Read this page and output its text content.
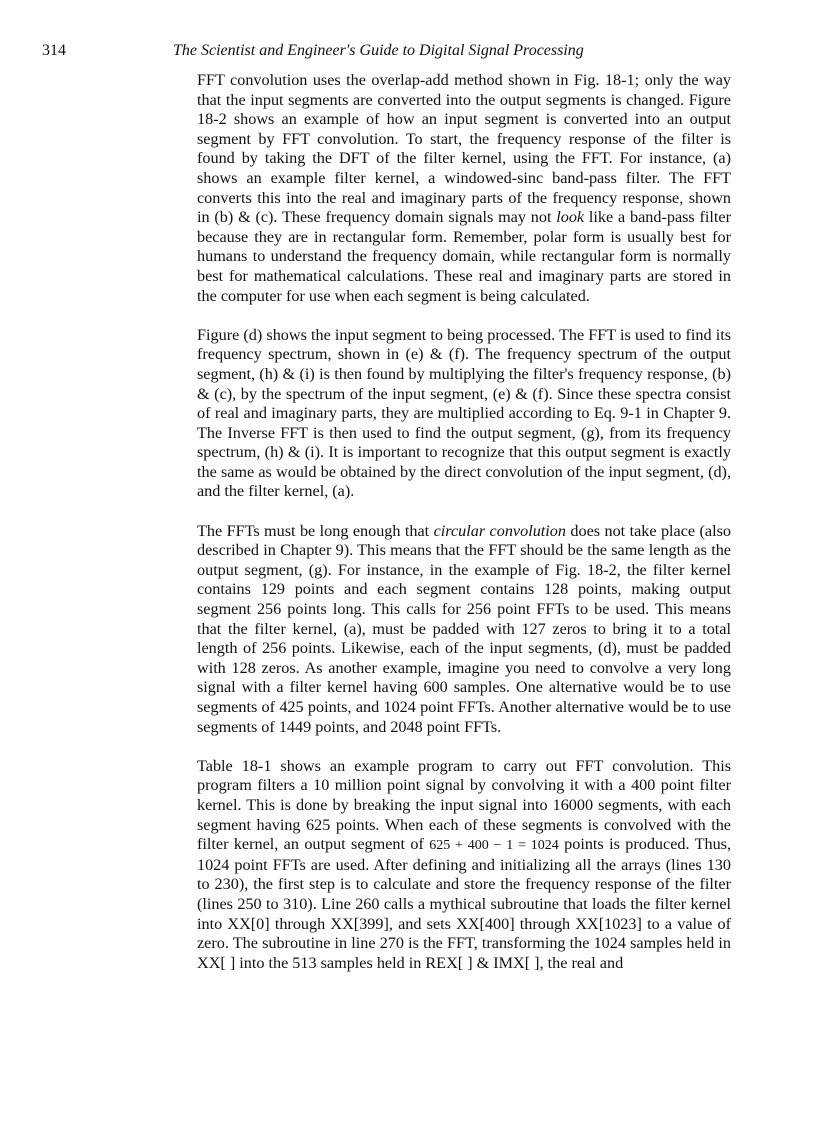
314	The Scientist and Engineer's Guide to Digital Signal Processing

FFT convolution uses the overlap-add method shown in Fig. 18-1; only the way that the input segments are converted into the output segments is changed. Figure 18-2 shows an example of how an input segment is converted into an output segment by FFT convolution. To start, the frequency response of the filter is found by taking the DFT of the filter kernel, using the FFT. For instance, (a) shows an example filter kernel, a windowed-sinc band-pass filter. The FFT converts this into the real and imaginary parts of the frequency response, shown in (b) & (c). These frequency domain signals may not look like a band-pass filter because they are in rectangular form. Remember, polar form is usually best for humans to understand the frequency domain, while rectangular form is normally best for mathematical calculations. These real and imaginary parts are stored in the computer for use when each segment is being calculated.

Figure (d) shows the input segment to being processed. The FFT is used to find its frequency spectrum, shown in (e) & (f). The frequency spectrum of the output segment, (h) & (i) is then found by multiplying the filter's frequency response, (b) & (c), by the spectrum of the input segment, (e) & (f). Since these spectra consist of real and imaginary parts, they are multiplied according to Eq. 9-1 in Chapter 9. The Inverse FFT is then used to find the output segment, (g), from its frequency spectrum, (h) & (i). It is important to recognize that this output segment is exactly the same as would be obtained by the direct convolution of the input segment, (d), and the filter kernel, (a).

The FFTs must be long enough that circular convolution does not take place (also described in Chapter 9). This means that the FFT should be the same length as the output segment, (g). For instance, in the example of Fig. 18-2, the filter kernel contains 129 points and each segment contains 128 points, making output segment 256 points long. This calls for 256 point FFTs to be used. This means that the filter kernel, (a), must be padded with 127 zeros to bring it to a total length of 256 points. Likewise, each of the input segments, (d), must be padded with 128 zeros. As another example, imagine you need to convolve a very long signal with a filter kernel having 600 samples. One alternative would be to use segments of 425 points, and 1024 point FFTs. Another alternative would be to use segments of 1449 points, and 2048 point FFTs.

Table 18-1 shows an example program to carry out FFT convolution. This program filters a 10 million point signal by convolving it with a 400 point filter kernel. This is done by breaking the input signal into 16000 segments, with each segment having 625 points. When each of these segments is convolved with the filter kernel, an output segment of 625 + 400 − 1 = 1024 points is produced. Thus, 1024 point FFTs are used. After defining and initializing all the arrays (lines 130 to 230), the first step is to calculate and store the frequency response of the filter (lines 250 to 310). Line 260 calls a mythical subroutine that loads the filter kernel into XX[0] through XX[399], and sets XX[400] through XX[1023] to a value of zero. The subroutine in line 270 is the FFT, transforming the 1024 samples held in XX[ ] into the 513 samples held in REX[ ] & IMX[ ], the real and
